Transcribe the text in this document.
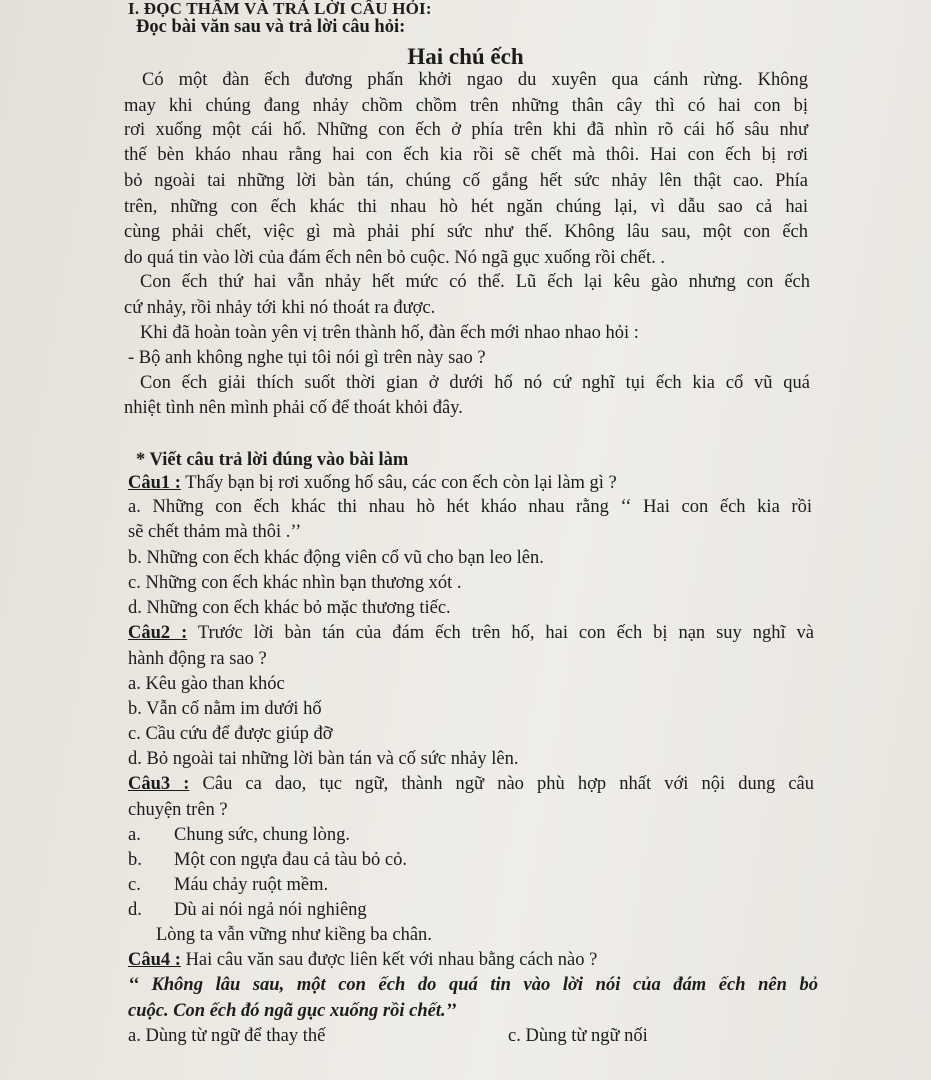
I. ĐỌC THẦM VÀ TRẢ LỜI CÂU HỎI:
Đọc bài văn sau và trả lời câu hỏi:
Hai chú ếch
Có một đàn ếch đương phấn khởi ngao du xuyên qua cánh rừng. Không
may khi chúng đang nhảy chồm chồm trên những thân cây thì có hai con bị
rơi xuống một cái hố. Những con ếch ở phía trên khi đã nhìn rõ cái hố sâu như
thế bèn kháo nhau rằng hai con ếch kia rồi sẽ chết mà thôi. Hai con ếch bị rơi
bỏ ngoài tai những lời bàn tán, chúng cố gắng hết sức nhảy lên thật cao. Phía
trên, những con ếch khác thi nhau hò hét ngăn chúng lại, vì dẫu sao cả hai
cùng phải chết, việc gì mà phải phí sức như thế. Không lâu sau, một con ếch
do quá tin vào lời của đám ếch nên bỏ cuộc. Nó ngã gục xuống rồi chết. .
Con ếch thứ hai vẫn nhảy hết mức có thể. Lũ ếch lại kêu gào nhưng con ếch
cứ nhảy, rồi nhảy tới khi nó thoát ra được.
Khi đã hoàn toàn yên vị trên thành hố, đàn ếch mới nhao nhao hỏi :
- Bộ anh không nghe tụi tôi nói gì trên này sao ?
Con ếch giải thích suốt thời gian ở dưới hố nó cứ nghĩ tụi ếch kia cổ vũ quá
nhiệt tình nên mình phải cố để thoát khỏi đây.
* Viết câu trả lời đúng vào bài làm
Câu1 : Thấy bạn bị rơi xuống hố sâu, các con ếch còn lại làm gì ?
a. Những con ếch khác thi nhau hò hét kháo nhau rằng ‘‘ Hai con ếch kia rồi
sẽ chết thảm mà thôi .’’
b. Những con ếch khác động viên cổ vũ cho bạn leo lên.
c. Những con ếch khác nhìn bạn thương xót .
d. Những con ếch khác bỏ mặc thương tiếc.
Câu2 : Trước lời bàn tán của đám ếch trên hố, hai con ếch bị nạn suy nghĩ và
hành động ra sao ?
a. Kêu gào than khóc
b. Vẫn cố nằm im dưới hố
c. Cầu cứu để được giúp đỡ
d. Bỏ ngoài tai những lời bàn tán và cố sức nhảy lên.
Câu3 : Câu ca dao, tục ngữ, thành ngữ nào phù hợp nhất với nội dung câu
chuyện trên ?
a. Chung sức, chung lòng.
b. Một con ngựa đau cả tàu bỏ cỏ.
c. Máu chảy ruột mềm.
d. Dù ai nói ngả nói nghiêng
Lòng ta vẫn vững như kiềng ba chân.
Câu4 : Hai câu văn sau được liên kết với nhau bằng cách nào ?
‘‘ Không lâu sau, một con ếch do quá tin vào lời nói của đám ếch nên bỏ
cuộc. Con ếch đó ngã gục xuống rồi chết.’’
a. Dùng từ ngữ để thay thế	c. Dùng từ ngữ nối
